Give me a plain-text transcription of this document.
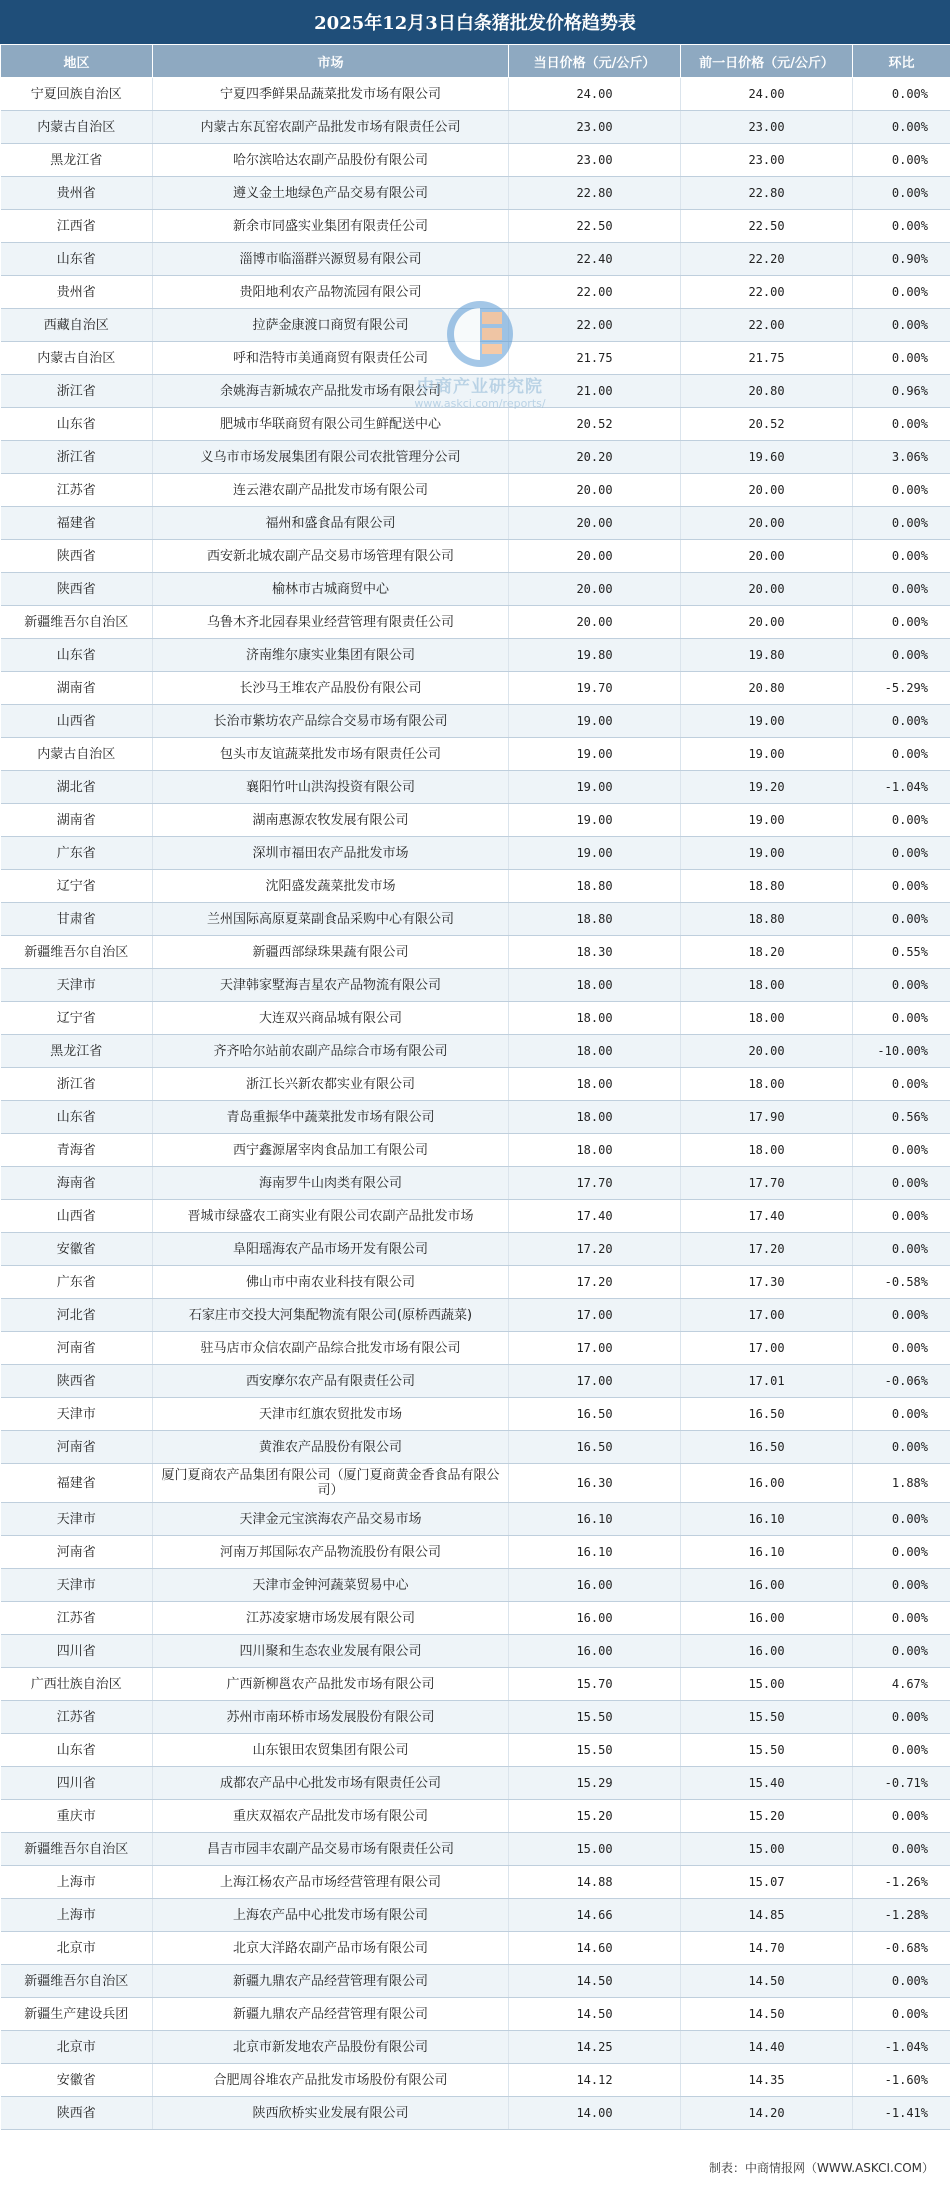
2025年12月3日白条猪批发价格趋势表
地区	市场	当日价格（元/公斤）	前一日价格（元/公斤）	环比
宁夏回族自治区	宁夏四季鲜果品蔬菜批发市场有限公司	24.00	24.00	0.00%
内蒙古自治区	内蒙古东瓦窑农副产品批发市场有限责任公司	23.00	23.00	0.00%
黑龙江省	哈尔滨哈达农副产品股份有限公司	23.00	23.00	0.00%
贵州省	遵义金土地绿色产品交易有限公司	22.80	22.80	0.00%
江西省	新余市同盛实业集团有限责任公司	22.50	22.50	0.00%
山东省	淄博市临淄群兴源贸易有限公司	22.40	22.20	0.90%
贵州省	贵阳地利农产品物流园有限公司	22.00	22.00	0.00%
西藏自治区	拉萨金康渡口商贸有限公司	22.00	22.00	0.00%
内蒙古自治区	呼和浩特市美通商贸有限责任公司	21.75	21.75	0.00%
浙江省	余姚海吉新城农产品批发市场有限公司	21.00	20.80	0.96%
山东省	肥城市华联商贸有限公司生鲜配送中心	20.52	20.52	0.00%
浙江省	义乌市市场发展集团有限公司农批管理分公司	20.20	19.60	3.06%
江苏省	连云港农副产品批发市场有限公司	20.00	20.00	0.00%
福建省	福州和盛食品有限公司	20.00	20.00	0.00%
陕西省	西安新北城农副产品交易市场管理有限公司	20.00	20.00	0.00%
陕西省	榆林市古城商贸中心	20.00	20.00	0.00%
新疆维吾尔自治区	乌鲁木齐北园春果业经营管理有限责任公司	20.00	20.00	0.00%
山东省	济南维尔康实业集团有限公司	19.80	19.80	0.00%
湖南省	长沙马王堆农产品股份有限公司	19.70	20.80	-5.29%
山西省	长治市紫坊农产品综合交易市场有限公司	19.00	19.00	0.00%
内蒙古自治区	包头市友谊蔬菜批发市场有限责任公司	19.00	19.00	0.00%
湖北省	襄阳竹叶山洪沟投资有限公司	19.00	19.20	-1.04%
湖南省	湖南惠源农牧发展有限公司	19.00	19.00	0.00%
广东省	深圳市福田农产品批发市场	19.00	19.00	0.00%
辽宁省	沈阳盛发蔬菜批发市场	18.80	18.80	0.00%
甘肃省	兰州国际高原夏菜副食品采购中心有限公司	18.80	18.80	0.00%
新疆维吾尔自治区	新疆西部绿珠果蔬有限公司	18.30	18.20	0.55%
天津市	天津韩家墅海吉星农产品物流有限公司	18.00	18.00	0.00%
辽宁省	大连双兴商品城有限公司	18.00	18.00	0.00%
黑龙江省	齐齐哈尔站前农副产品综合市场有限公司	18.00	20.00	-10.00%
浙江省	浙江长兴新农都实业有限公司	18.00	18.00	0.00%
山东省	青岛重振华中蔬菜批发市场有限公司	18.00	17.90	0.56%
青海省	西宁鑫源屠宰肉食品加工有限公司	18.00	18.00	0.00%
海南省	海南罗牛山肉类有限公司	17.70	17.70	0.00%
山西省	晋城市绿盛农工商实业有限公司农副产品批发市场	17.40	17.40	0.00%
安徽省	阜阳瑶海农产品市场开发有限公司	17.20	17.20	0.00%
广东省	佛山市中南农业科技有限公司	17.20	17.30	-0.58%
河北省	石家庄市交投大河集配物流有限公司(原桥西蔬菜)	17.00	17.00	0.00%
河南省	驻马店市众信农副产品综合批发市场有限公司	17.00	17.00	0.00%
陕西省	西安摩尔农产品有限责任公司	17.00	17.01	-0.06%
天津市	天津市红旗农贸批发市场	16.50	16.50	0.00%
河南省	黄淮农产品股份有限公司	16.50	16.50	0.00%
福建省	厦门夏商农产品集团有限公司（厦门夏商黄金香食品有限公司）	16.30	16.00	1.88%
天津市	天津金元宝滨海农产品交易市场	16.10	16.10	0.00%
河南省	河南万邦国际农产品物流股份有限公司	16.10	16.10	0.00%
天津市	天津市金钟河蔬菜贸易中心	16.00	16.00	0.00%
江苏省	江苏凌家塘市场发展有限公司	16.00	16.00	0.00%
四川省	四川聚和生态农业发展有限公司	16.00	16.00	0.00%
广西壮族自治区	广西新柳邕农产品批发市场有限公司	15.70	15.00	4.67%
江苏省	苏州市南环桥市场发展股份有限公司	15.50	15.50	0.00%
山东省	山东银田农贸集团有限公司	15.50	15.50	0.00%
四川省	成都农产品中心批发市场有限责任公司	15.29	15.40	-0.71%
重庆市	重庆双福农产品批发市场有限公司	15.20	15.20	0.00%
新疆维吾尔自治区	昌吉市园丰农副产品交易市场有限责任公司	15.00	15.00	0.00%
上海市	上海江杨农产品市场经营管理有限公司	14.88	15.07	-1.26%
上海市	上海农产品中心批发市场有限公司	14.66	14.85	-1.28%
北京市	北京大洋路农副产品市场有限公司	14.60	14.70	-0.68%
新疆维吾尔自治区	新疆九鼎农产品经营管理有限公司	14.50	14.50	0.00%
新疆生产建设兵团	新疆九鼎农产品经营管理有限公司	14.50	14.50	0.00%
北京市	北京市新发地农产品股份有限公司	14.25	14.40	-1.04%
安徽省	合肥周谷堆农产品批发市场股份有限公司	14.12	14.35	-1.60%
陕西省	陕西欣桥实业发展有限公司	14.00	14.20	-1.41%
中商产业研究院
www.askci.com/reports/
制表：中商情报网（WWW.ASKCI.COM）
